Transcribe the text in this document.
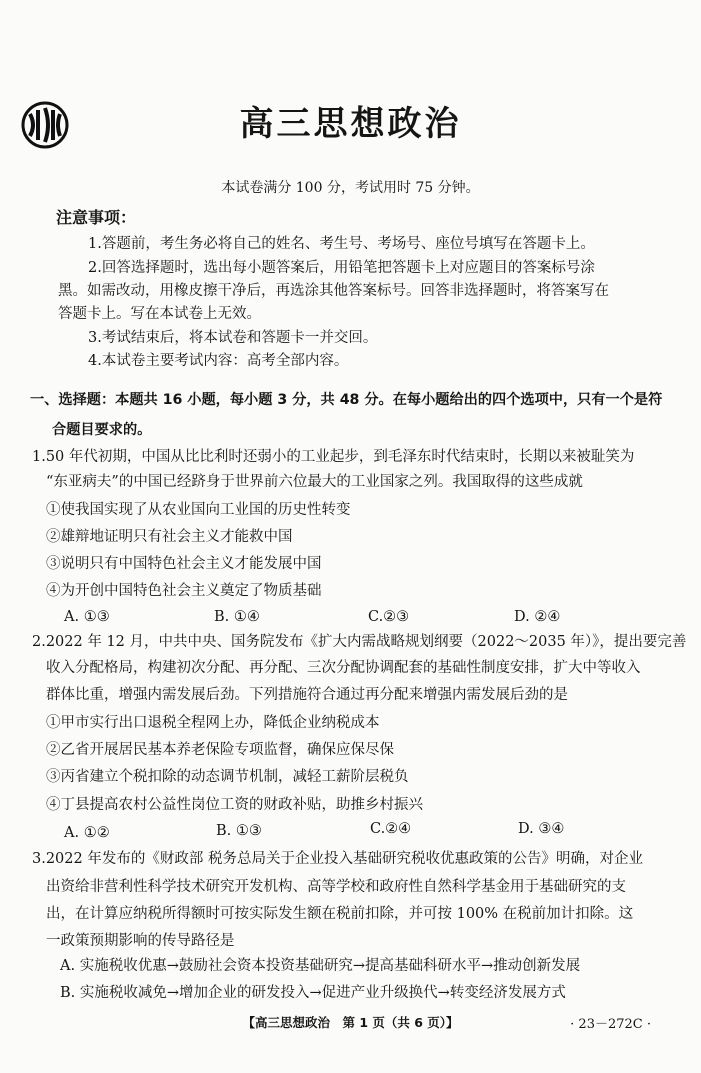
高三思想政治
本试卷满分 100 分，考试用时 75 分钟。
注意事项：
1.答题前，考生务必将自己的姓名、考生号、考场号、座位号填写在答题卡上。
2.回答选择题时，选出每小题答案后，用铅笔把答题卡上对应题目的答案标号涂
黑。如需改动，用橡皮擦干净后，再选涂其他答案标号。回答非选择题时，将答案写在
答题卡上。写在本试卷上无效。
3.考试结束后，将本试卷和答题卡一并交回。
4.本试卷主要考试内容：高考全部内容。
一、选择题：本题共 16 小题，每小题 3 分，共 48 分。在每小题给出的四个选项中，只有一个是符
合题目要求的。
1.50 年代初期，中国从比比利时还弱小的工业起步，到毛泽东时代结束时，长期以来被耻笑为
“东亚病夫”的中国已经跻身于世界前六位最大的工业国家之列。我国取得的这些成就
①使我国实现了从农业国向工业国的历史性转变
②雄辩地证明只有社会主义才能救中国
③说明只有中国特色社会主义才能发展中国
④为开创中国特色社会主义奠定了物质基础
A. ①③	B. ①④	C.②③	D. ②④
2.2022 年 12 月，中共中央、国务院发布《扩大内需战略规划纲要（2022～2035 年）》，提出要完善
收入分配格局，构建初次分配、再分配、三次分配协调配套的基础性制度安排，扩大中等收入
群体比重，增强内需发展后劲。下列措施符合通过再分配来增强内需发展后劲的是
①甲市实行出口退税全程网上办，降低企业纳税成本
②乙省开展居民基本养老保险专项监督，确保应保尽保
③丙省建立个税扣除的动态调节机制，减轻工薪阶层税负
④丁县提高农村公益性岗位工资的财政补贴，助推乡村振兴
A. ①②	B. ①③	C.②④	D. ③④
3.2022 年发布的《财政部 税务总局关于企业投入基础研究税收优惠政策的公告》明确，对企业
出资给非营利性科学技术研究开发机构、高等学校和政府性自然科学基金用于基础研究的支
出，在计算应纳税所得额时可按实际发生额在税前扣除，并可按 100% 在税前加计扣除。这
一政策预期影响的传导路径是
A. 实施税收优惠→鼓励社会资本投资基础研究→提高基础科研水平→推动创新发展
B. 实施税收减免→增加企业的研发投入→促进产业升级换代→转变经济发展方式
【高三思想政治　第 1 页（共 6 页）】	· 23－272C ·
